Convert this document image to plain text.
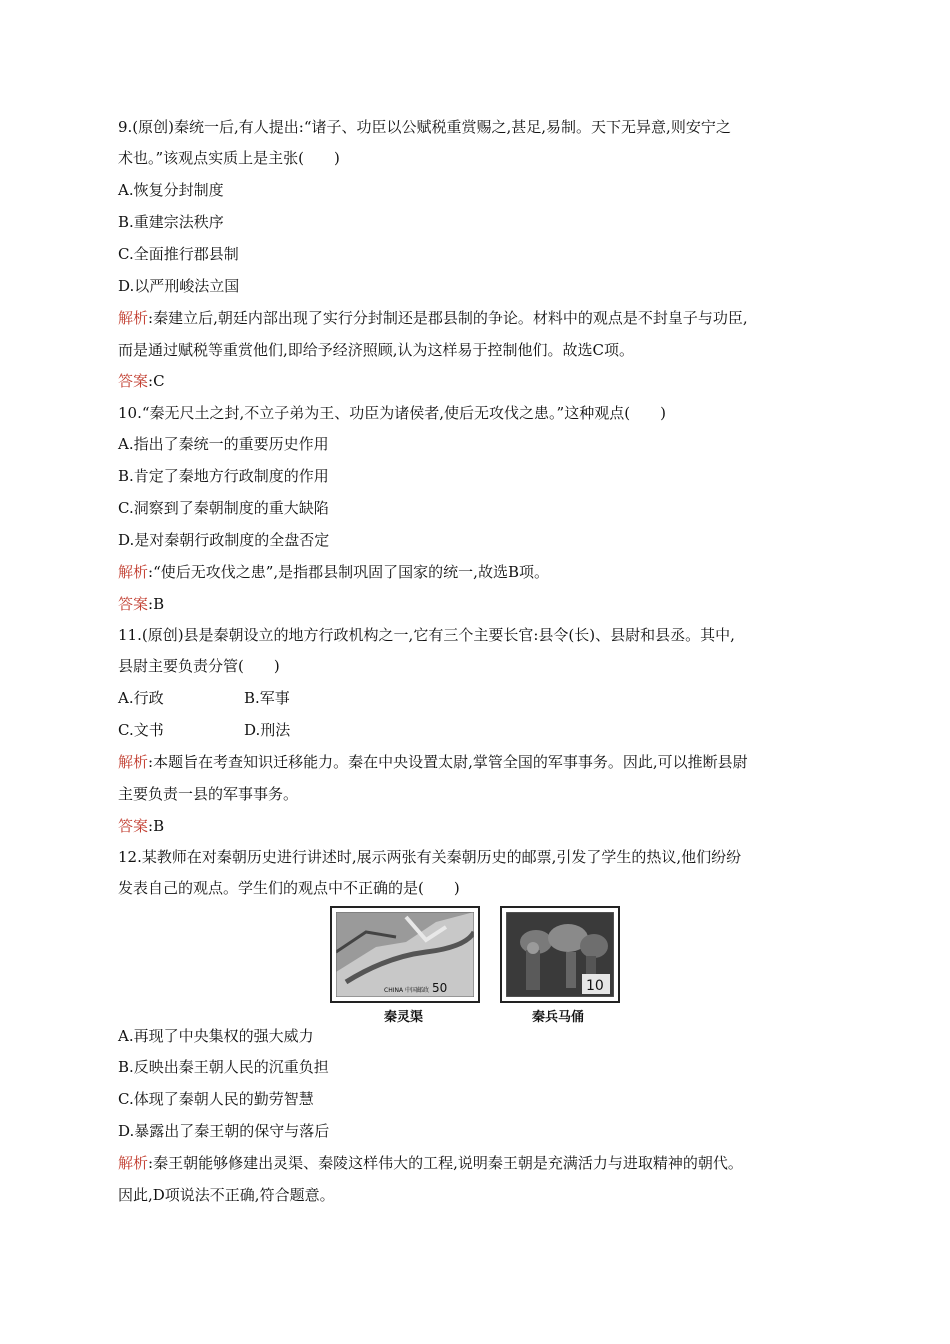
9.(原创)秦统一后,有人提出:“诸子、功臣以公赋税重赏赐之,甚足,易制。天下无异意,则安宁之
术也。”该观点实质上是主张(　　)
A.恢复分封制度
B.重建宗法秩序
C.全面推行郡县制
D.以严刑峻法立国
解析:秦建立后,朝廷内部出现了实行分封制还是郡县制的争论。材料中的观点是不封皇子与功臣,
而是通过赋税等重赏他们,即给予经济照顾,认为这样易于控制他们。故选C项。
答案:C
10.“秦无尺土之封,不立子弟为王、功臣为诸侯者,使后无攻伐之患。”这种观点(　　)
A.指出了秦统一的重要历史作用
B.肯定了秦地方行政制度的作用
C.洞察到了秦朝制度的重大缺陷
D.是对秦朝行政制度的全盘否定
解析:“使后无攻伐之患”,是指郡县制巩固了国家的统一,故选B项。
答案:B
11.(原创)县是秦朝设立的地方行政机构之一,它有三个主要长官:县令(长)、县尉和县丞。其中,
县尉主要负责分管(　　)
A.行政	B.军事
C.文书	D.刑法
解析:本题旨在考查知识迁移能力。秦在中央设置太尉,掌管全国的军事事务。因此,可以推断县尉
主要负责一县的军事事务。
答案:B
12.某教师在对秦朝历史进行讲述时,展示两张有关秦朝历史的邮票,引发了学生的热议,他们纷纷
发表自己的观点。学生们的观点中不正确的是(　　)
50
CHINA 中国邮政	10
秦灵渠	秦兵马俑
A.再现了中央集权的强大威力
B.反映出秦王朝人民的沉重负担
C.体现了秦朝人民的勤劳智慧
D.暴露出了秦王朝的保守与落后
解析:秦王朝能够修建出灵渠、秦陵这样伟大的工程,说明秦王朝是充满活力与进取精神的朝代。
因此,D项说法不正确,符合题意。
